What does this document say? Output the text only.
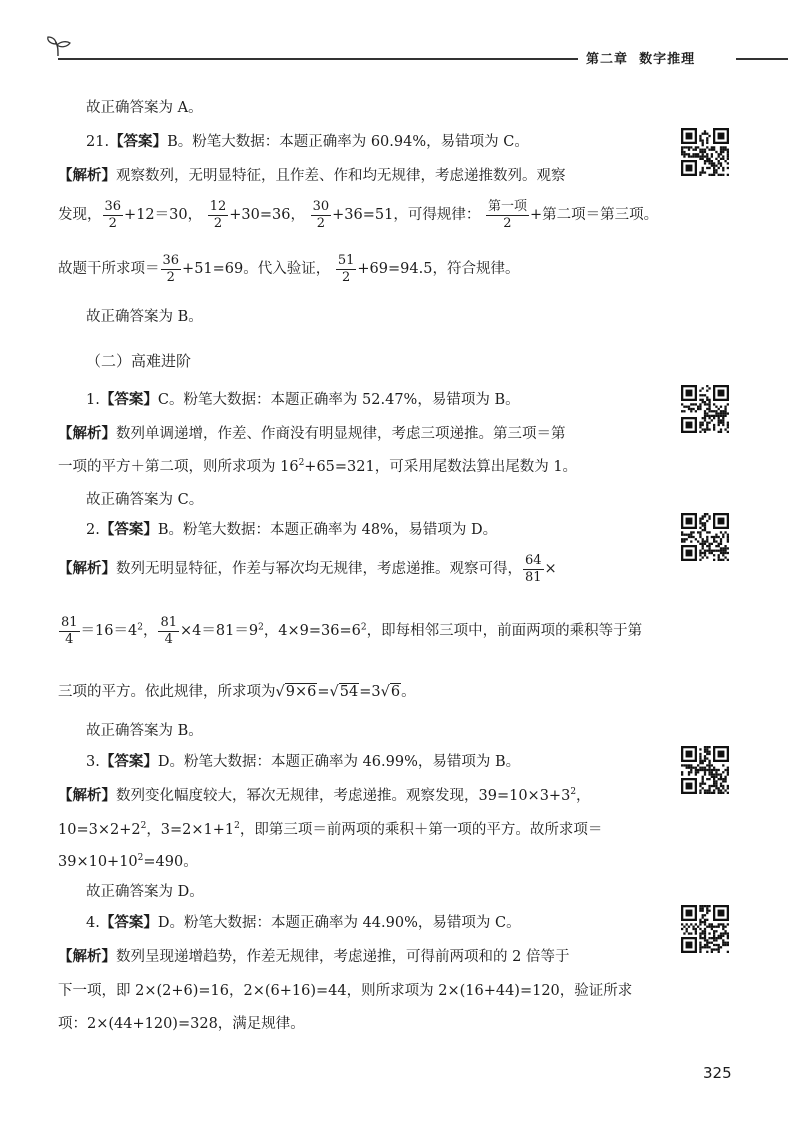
第二章 数字推理
故正确答案为 A。
21.【答案】B。粉笔大数据：本题正确率为 60.94%，易错项为 C。
【解析】观察数列，无明显特征，且作差、作和均无规律，考虑递推数列。观察
发现， $\frac{36}{2} +12=30$， $\frac{12}{2} +30=36$， $\frac{30}{2} +36=51$，可得规律： $\frac{\text{第一项}}{2}$ +第二项＝第三项。
故题干所求项＝ $\frac{36}{2} +51=69$。代入验证， $\frac{51}{2} +69=94.5$，符合规律。
故正确答案为 B。
（二）高难进阶
1.【答案】C。粉笔大数据：本题正确率为 52.47%，易错项为 B。
【解析】数列单调递增，作差、作商没有明显规律，考虑三项递推。第三项＝第
一项的平方＋第二项，则所求项为 $16^2+65=321$，可采用尾数法算出尾数为 1。
故正确答案为 C。
2.【答案】B。粉笔大数据：本题正确率为 48%，易错项为 D。
【解析】数列无明显特征，作差与幂次均无规律，考虑递推。观察可得， $\frac{64}{81}$ ×
$\frac{81}{4} =16=4^2$， $\frac{81}{4} \times 4=81=9^2$，$4\times 9=36=6^2$，即每相邻三项中，前面两项的乘积等于第
三项的平方。依此规律，所求项为√9×6=√54=3√6。
故正确答案为 B。
3.【答案】D。粉笔大数据：本题正确率为 46.99%，易错项为 B。
【解析】数列变化幅度较大，幂次无规律，考虑递推。观察发现，$39=10\times 3+3^2$，
$10=3\times 2+2^2$，$3=2\times 1+1^2$，即第三项＝前两项的乘积＋第一项的平方。故所求项＝
$39\times 10+10^2=490$。
故正确答案为 D。
4.【答案】D。粉笔大数据：本题正确率为 44.90%，易错项为 C。
【解析】数列呈现递增趋势，作差无规律，考虑递推，可得前两项和的 2 倍等于
下一项，即 2×(2+6)=16，2×(6+16)=44，则所求项为 2×(16+44)=120，验证所求
项：2×(44+120)=328，满足规律。
325
